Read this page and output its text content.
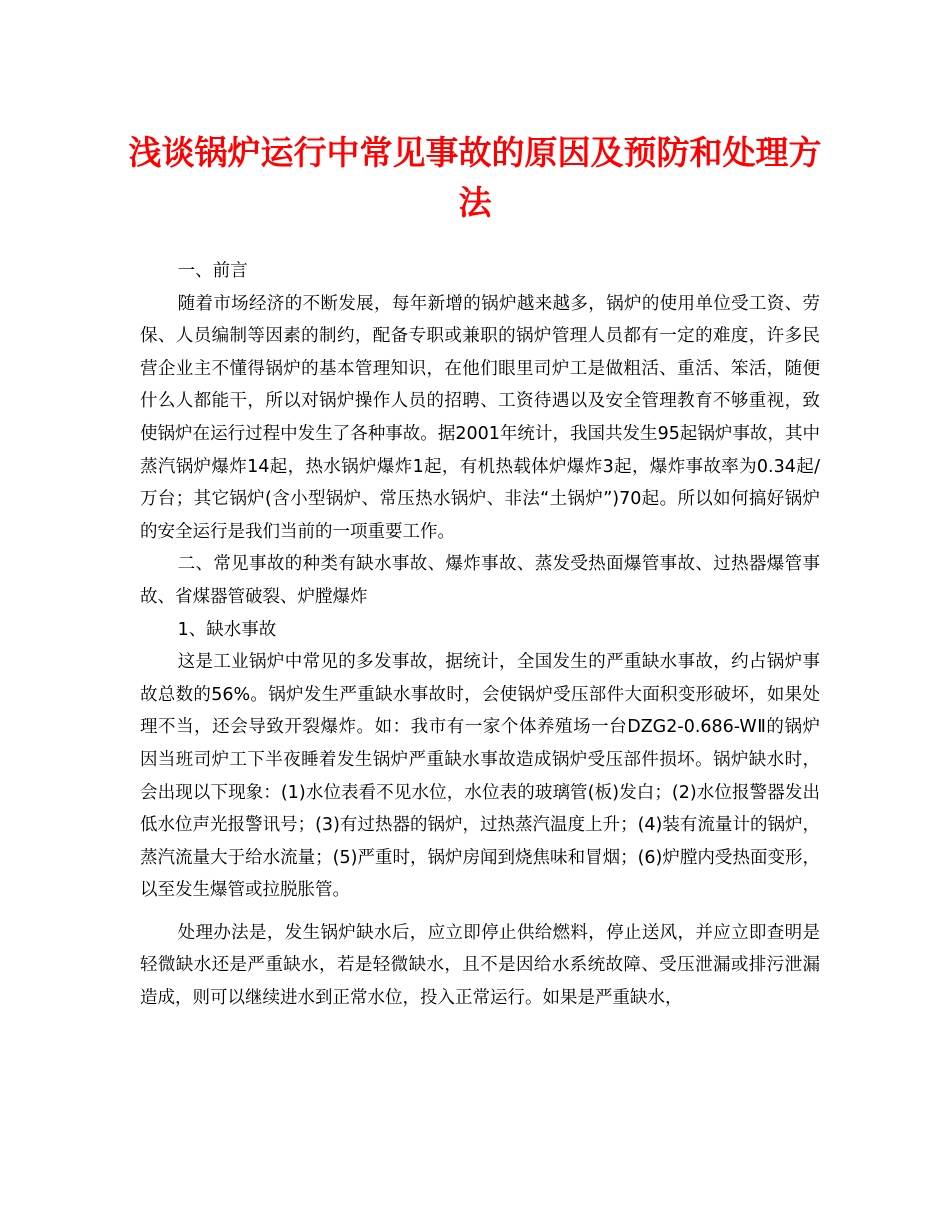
浅谈锅炉运行中常见事故的原因及预防和处理方法

一、前言

随着市场经济的不断发展，每年新增的锅炉越来越多，锅炉的使用单位受工资、劳保、人员编制等因素的制约，配备专职或兼职的锅炉管理人员都有一定的难度，许多民营企业主不懂得锅炉的基本管理知识，在他们眼里司炉工是做粗活、重活、笨活，随便什么人都能干，所以对锅炉操作人员的招聘、工资待遇以及安全管理教育不够重视，致使锅炉在运行过程中发生了各种事故。据2001年统计，我国共发生95起锅炉事故，其中蒸汽锅炉爆炸14起，热水锅炉爆炸1起，有机热载体炉爆炸3起，爆炸事故率为0.34起/万台；其它锅炉(含小型锅炉、常压热水锅炉、非法“土锅炉”)70起。所以如何搞好锅炉的安全运行是我们当前的一项重要工作。

二、常见事故的种类有缺水事故、爆炸事故、蒸发受热面爆管事故、过热器爆管事故、省煤器管破裂、炉膛爆炸

1、缺水事故

这是工业锅炉中常见的多发事故，据统计，全国发生的严重缺水事故，约占锅炉事故总数的56%。锅炉发生严重缺水事故时，会使锅炉受压部件大面积变形破坏，如果处理不当，还会导致开裂爆炸。如：我市有一家个体养殖场一台DZG2-0.686-WⅡ的锅炉因当班司炉工下半夜睡着发生锅炉严重缺水事故造成锅炉受压部件损坏。锅炉缺水时，会出现以下现象：(1)水位表看不见水位，水位表的玻璃管(板)发白；(2)水位报警器发出低水位声光报警讯号；(3)有过热器的锅炉，过热蒸汽温度上升；(4)装有流量计的锅炉，蒸汽流量大于给水流量；(5)严重时，锅炉房闻到烧焦味和冒烟；(6)炉膛内受热面变形，以至发生爆管或拉脱胀管。

处理办法是，发生锅炉缺水后，应立即停止供给燃料，停止送风，并应立即查明是轻微缺水还是严重缺水，若是轻微缺水，且不是因给水系统故障、受压泄漏或排污泄漏造成，则可以继续进水到正常水位，投入正常运行。如果是严重缺水，
